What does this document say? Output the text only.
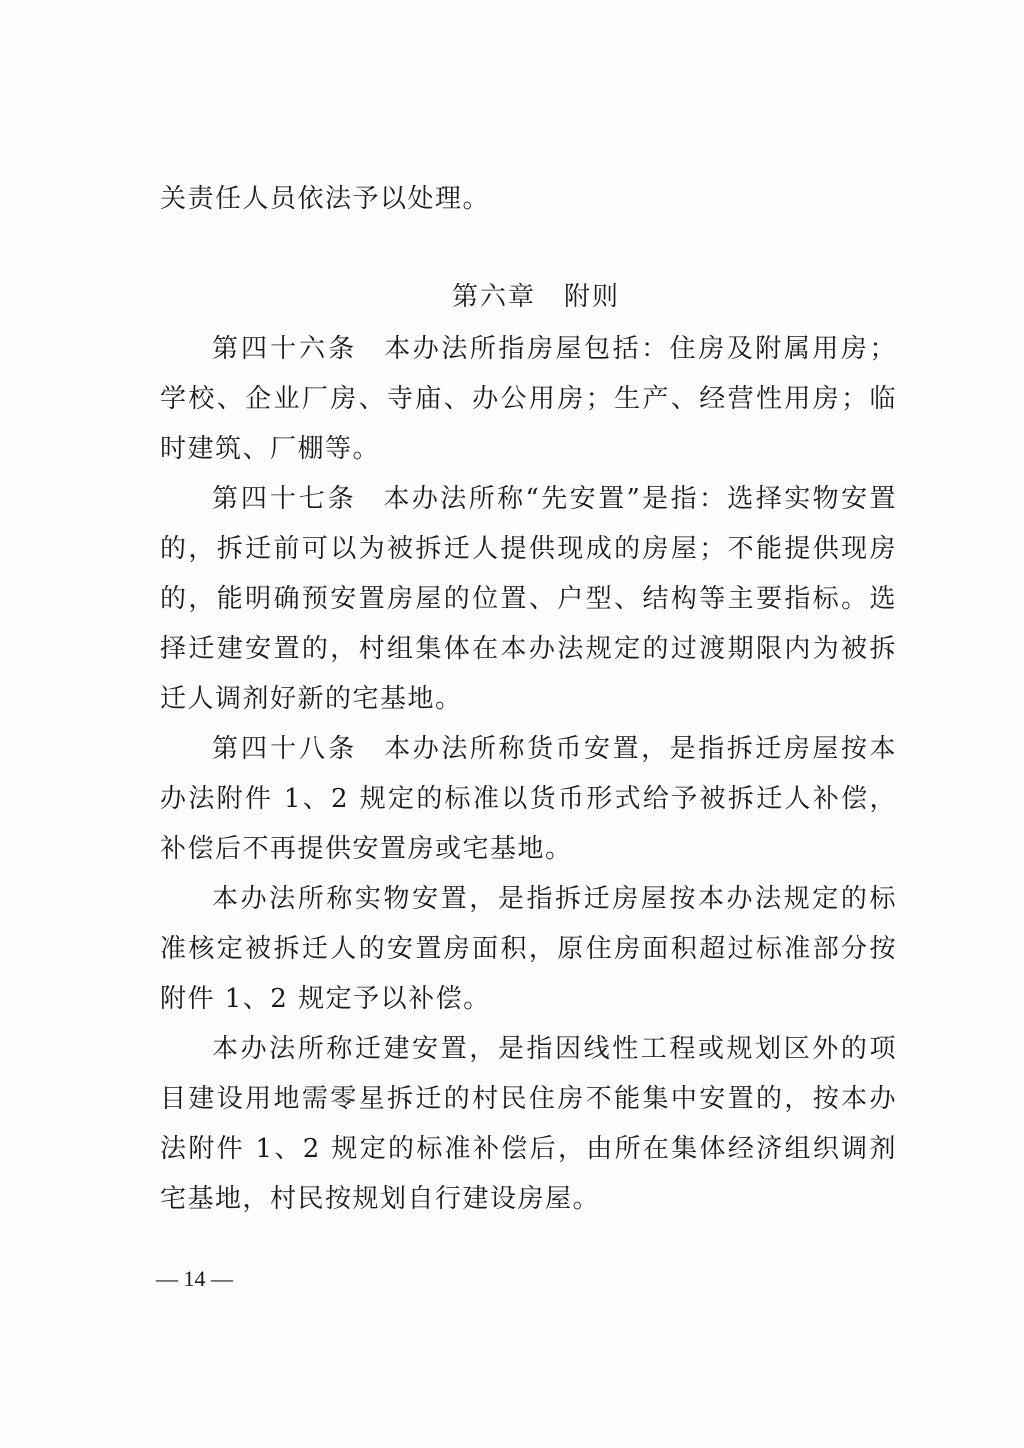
关责任人员依法予以处理。
第六章 附则
第四十六条 本办法所指房屋包括：住房及附属用房；学校、企业厂房、寺庙、办公用房；生产、经营性用房；临时建筑、厂棚等。
第四十七条 本办法所称“先安置”是指：选择实物安置的，拆迁前可以为被拆迁人提供现成的房屋；不能提供现房的，能明确预安置房屋的位置、户型、结构等主要指标。选择迁建安置的，村组集体在本办法规定的过渡期限内为被拆迁人调剂好新的宅基地。
第四十八条 本办法所称货币安置，是指拆迁房屋按本办法附件 1、2 规定的标准以货币形式给予被拆迁人补偿，补偿后不再提供安置房或宅基地。
本办法所称实物安置，是指拆迁房屋按本办法规定的标准核定被拆迁人的安置房面积，原住房面积超过标准部分按附件 1、2 规定予以补偿。
本办法所称迁建安置，是指因线性工程或规划区外的项目建设用地需零星拆迁的村民住房不能集中安置的，按本办法附件 1、2 规定的标准补偿后，由所在集体经济组织调剂宅基地，村民按规划自行建设房屋。
— 14 —
